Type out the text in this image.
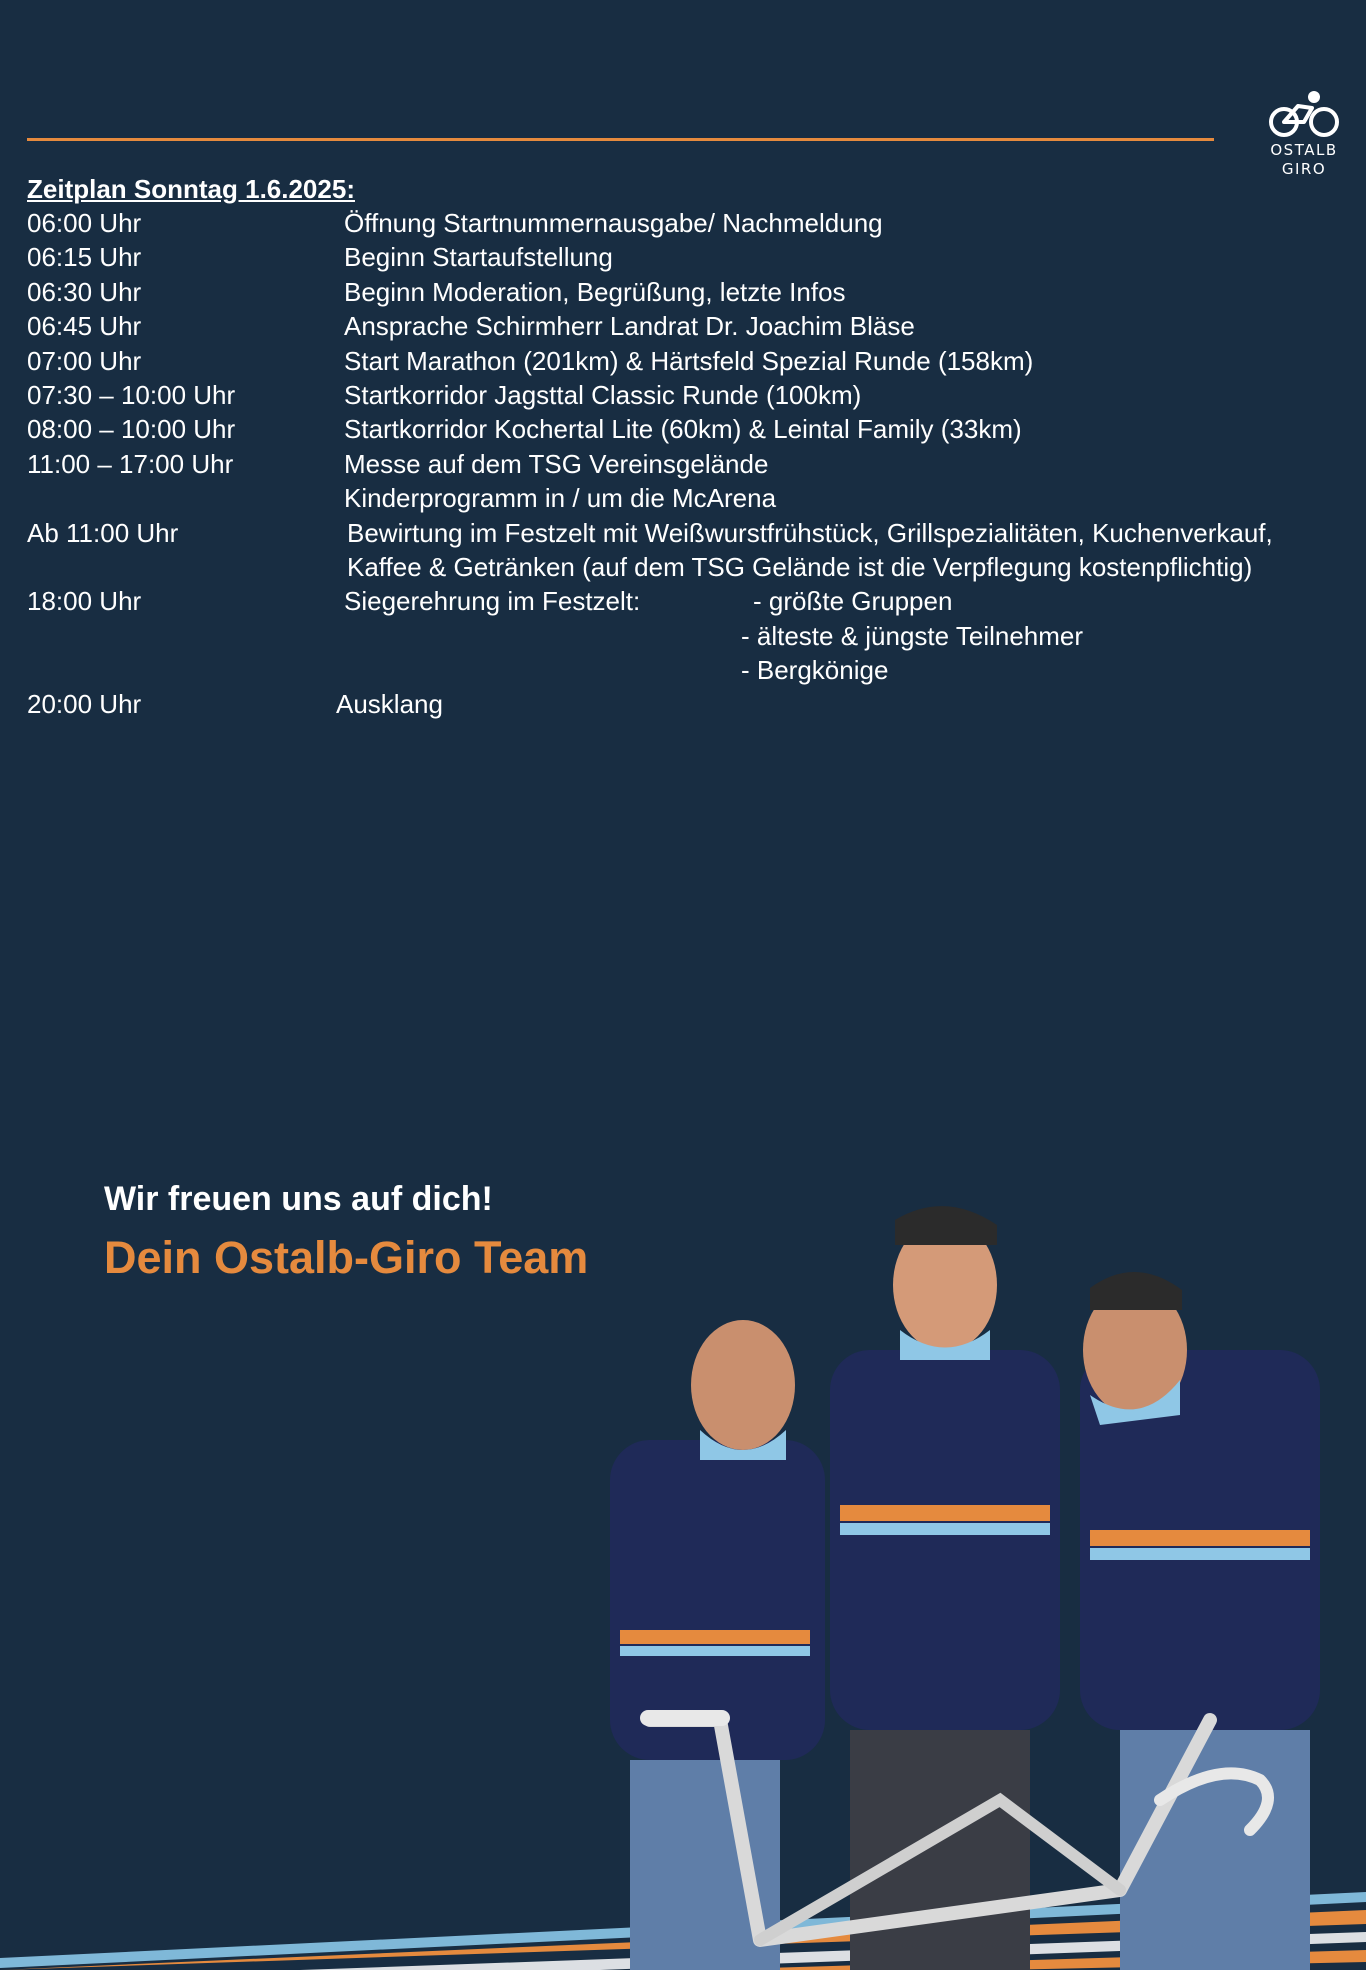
OSTALB
GIRO
Zeitplan Sonntag 1.6.2025:
06:00 Uhr	Öffnung Startnummernausgabe/ Nachmeldung
06:15 Uhr	Beginn Startaufstellung
06:30 Uhr	Beginn Moderation, Begrüßung, letzte Infos
06:45 Uhr	Ansprache Schirmherr Landrat Dr. Joachim Bläse
07:00 Uhr	Start Marathon (201km) & Härtsfeld Spezial Runde (158km)
07:30 – 10:00 Uhr	Startkorridor Jagsttal Classic Runde (100km)
08:00 – 10:00 Uhr	Startkorridor Kochertal Lite (60km) & Leintal Family (33km)
11:00 – 17:00 Uhr	Messe auf dem TSG Vereinsgelände
Kinderprogramm in / um die McArena
Ab 11:00 Uhr	Bewirtung im Festzelt mit Weißwurstfrühstück, Grillspezialitäten, Kuchenverkauf,
Kaffee & Getränken (auf dem TSG Gelände ist die Verpflegung kostenpflichtig)
18:00 Uhr	Siegerehrung im Festzelt:	- größte Gruppen
- älteste & jüngste Teilnehmer
- Bergkönige
20:00 Uhr	Ausklang
Wir freuen uns auf dich!
Dein Ostalb-Giro Team
